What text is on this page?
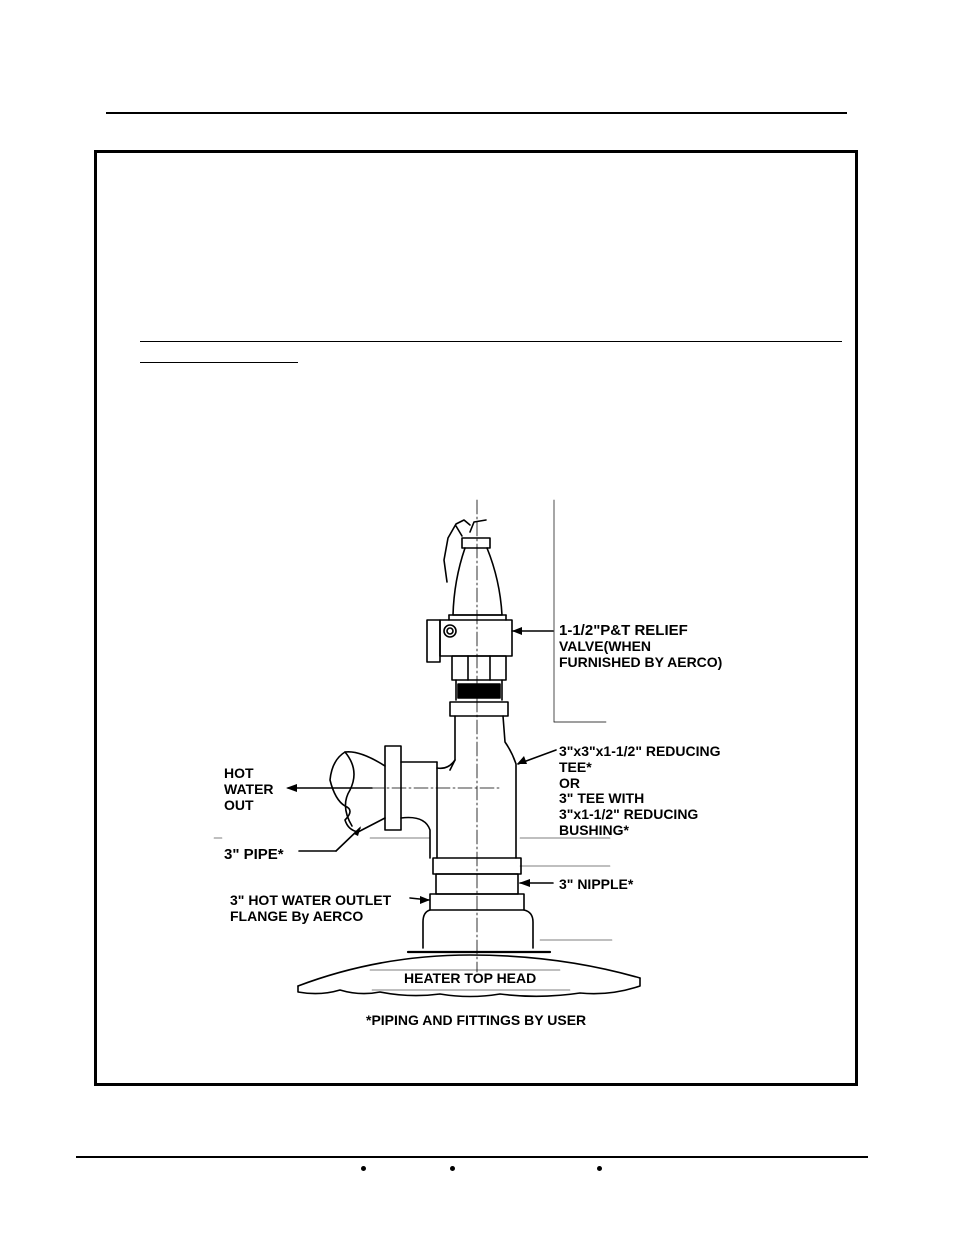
1-1/2"P&T RELIEF
VALVE(WHEN
FURNISHED BY AERCO)
3"x3"x1-1/2" REDUCING
TEE*
OR
3" TEE WITH
3"x1-1/2" REDUCING
BUSHING*
HOT
WATER
OUT
3" PIPE*
3" NIPPLE*
3" HOT WATER OUTLET
FLANGE By AERCO
HEATER TOP HEAD
*PIPING AND FITTINGS BY USER
